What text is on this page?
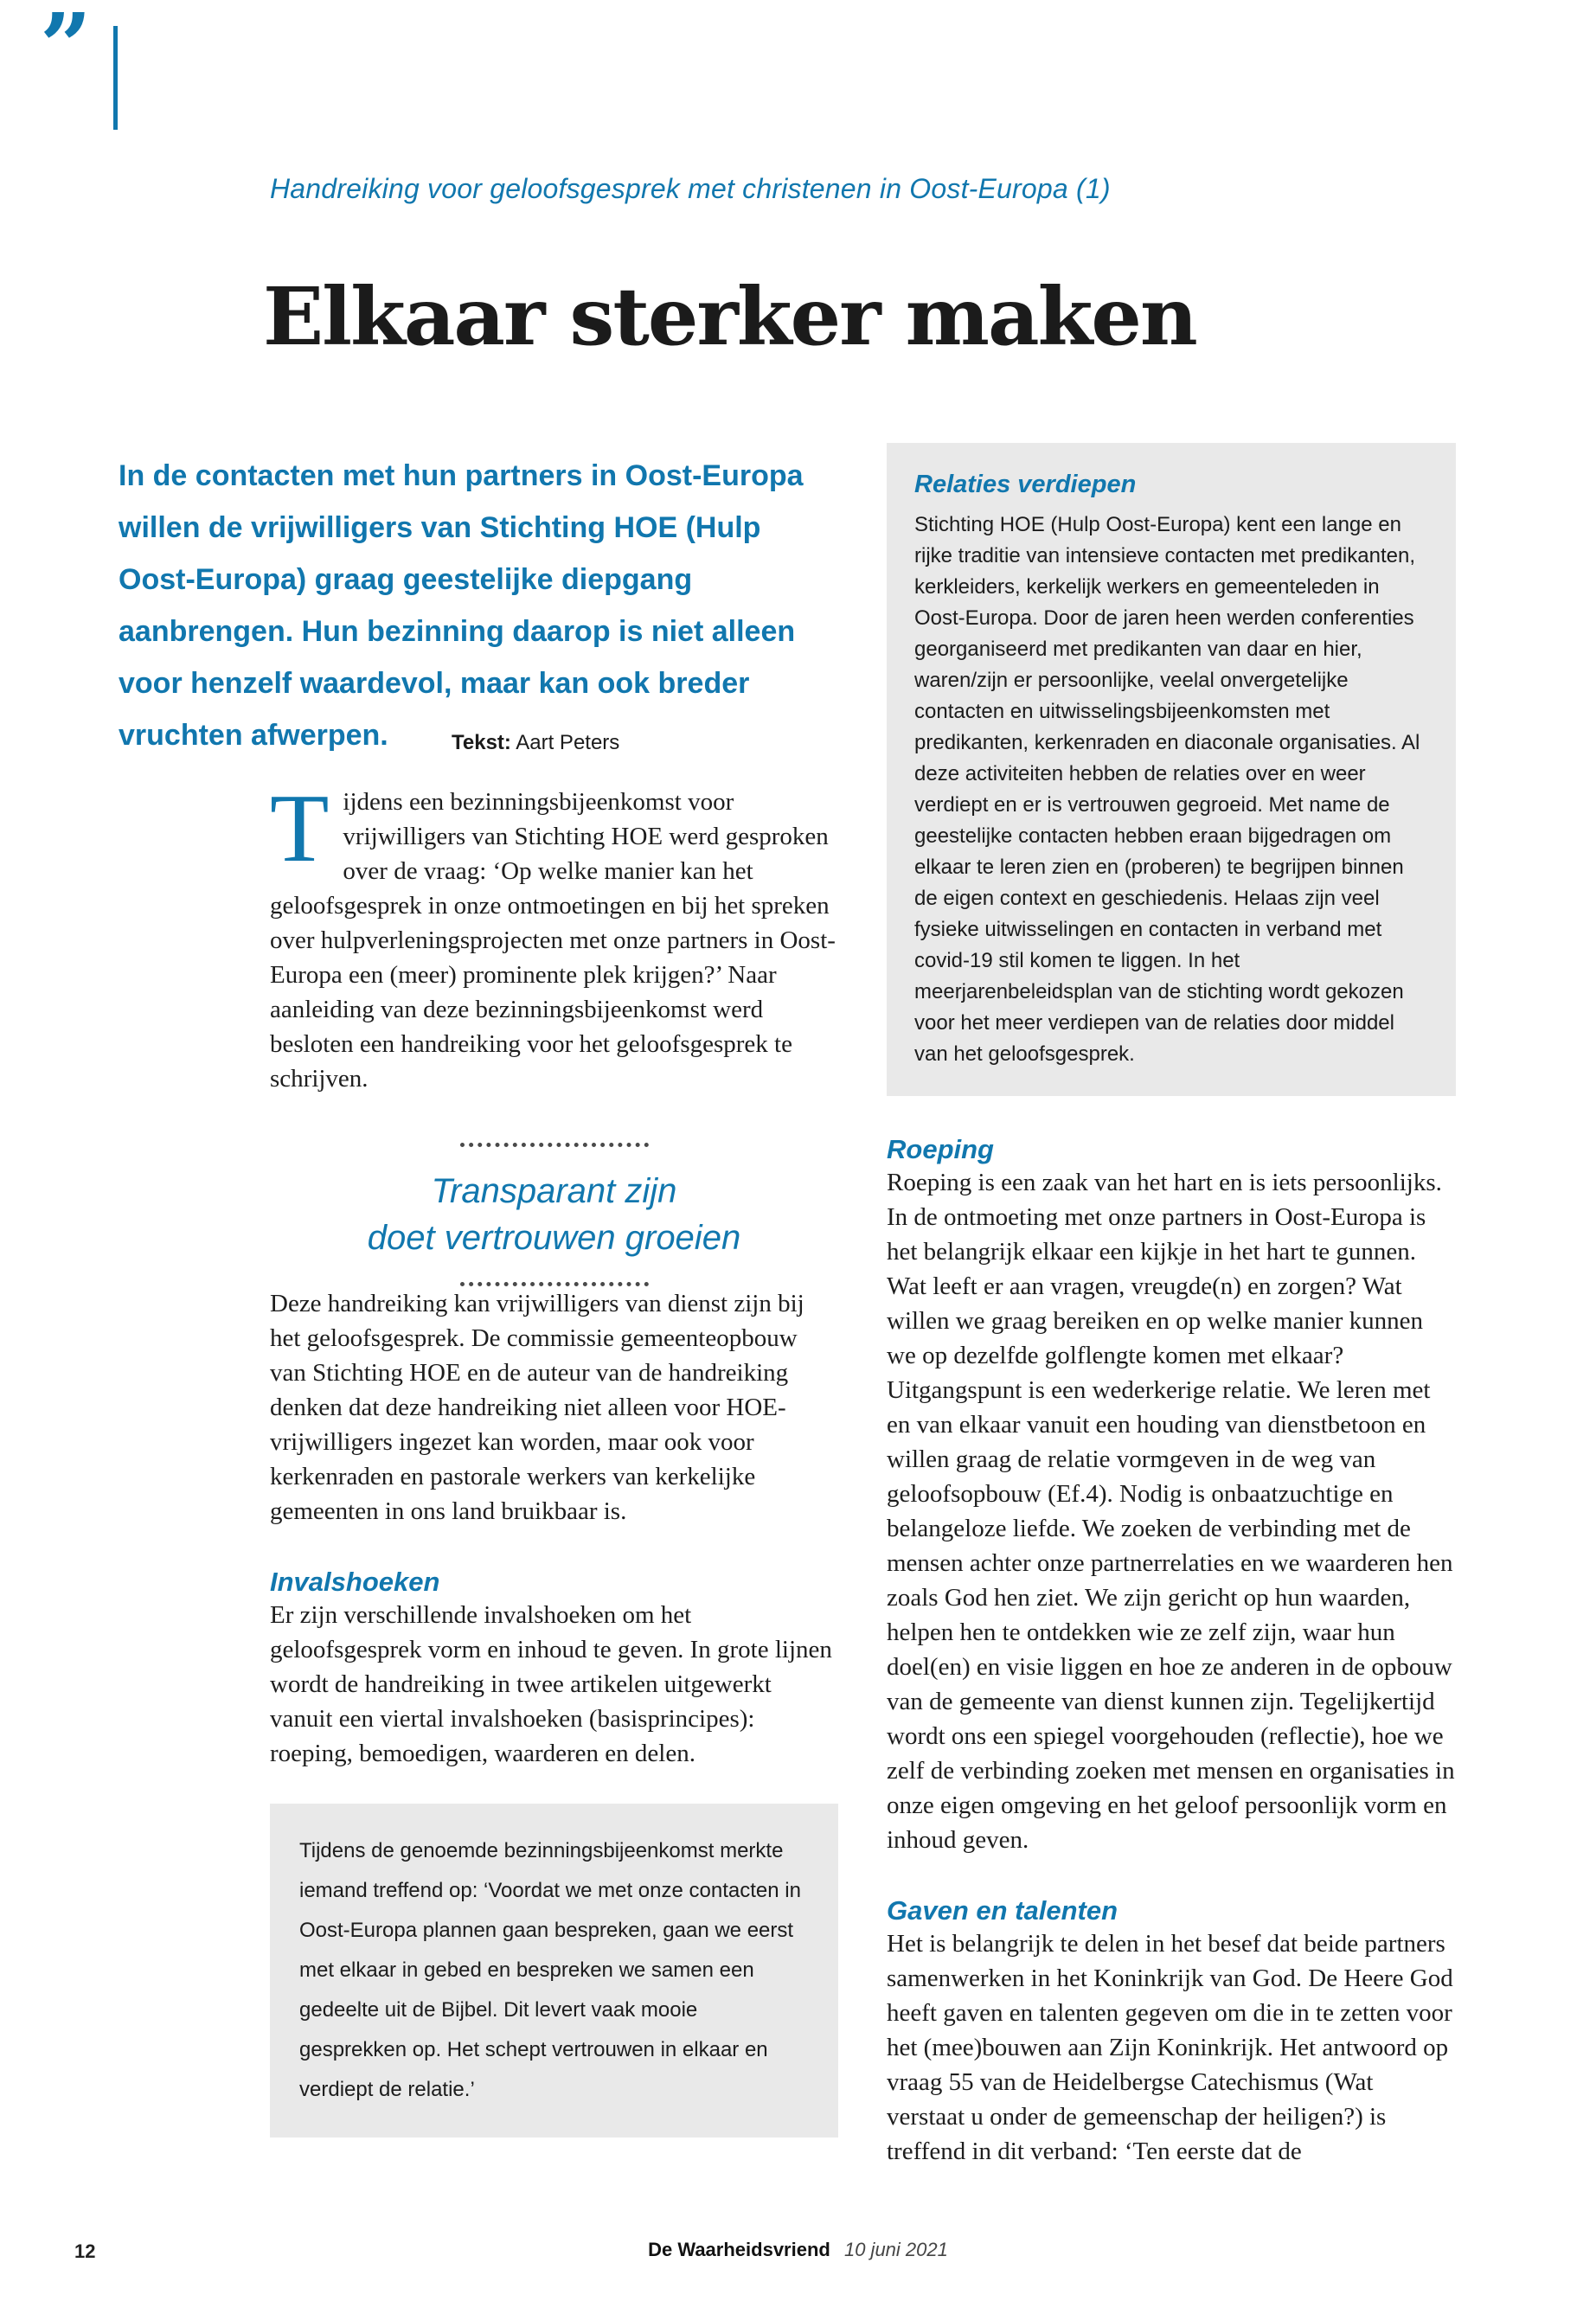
”
Handreiking voor geloofsgesprek met christenen in Oost-Europa (1)
Elkaar sterker maken
In de contacten met hun partners in Oost-Europa willen de vrijwilligers van Stichting HOE (Hulp Oost-Europa) graag geestelijke diepgang aanbrengen. Hun bezinning daarop is niet alleen voor henzelf waardevol, maar kan ook breder vruchten afwerpen.	Tekst: Aart Peters
Tijdens een bezinningsbijeenkomst voor vrijwilligers van Stichting HOE werd gesproken over de vraag: ‘Op welke manier kan het geloofsgesprek in onze ontmoetingen en bij het spreken over hulpverleningsprojecten met onze partners in Oost-Europa een (meer) prominente plek krijgen?’ Naar aanleiding van deze bezinningsbijeenkomst werd besloten een handreiking voor het geloofsgesprek te schrijven.
Transparant zijn
doet vertrouwen groeien

Deze handreiking kan vrijwilligers van dienst zijn bij het geloofsgesprek. De commissie gemeenteopbouw van Stichting HOE en de auteur van de handreiking denken dat deze handreiking niet alleen voor HOE-vrijwilligers ingezet kan worden, maar ook voor kerkenraden en pastorale werkers van kerkelijke gemeenten in ons land bruikbaar is.

Invalshoeken

Er zijn verschillende invalshoeken om het geloofsgesprek vorm en inhoud te geven. In grote lijnen wordt de handreiking in twee artikelen uitgewerkt vanuit een viertal invalshoeken (basisprincipes): roeping, bemoedigen, waarderen en delen.

Tijdens de genoemde bezinningsbijeenkomst merkte iemand treffend op: ‘Voordat we met onze contacten in Oost-Europa plannen gaan bespreken, gaan we eerst met elkaar in gebed en bespreken we samen een gedeelte uit de Bijbel. Dit levert vaak mooie gesprekken op. Het schept vertrouwen in elkaar en verdiept de relatie.’
Relaties verdiepen
Stichting HOE (Hulp Oost-Europa) kent een lange en rijke traditie van intensieve contacten met predikanten, kerkleiders, kerkelijk werkers en gemeenteleden in Oost-Europa. Door de jaren heen werden conferenties georganiseerd met predikanten van daar en hier, waren/zijn er persoonlijke, veelal onvergetelijke contacten en uitwisselingsbijeenkomsten met predikanten, kerkenraden en diaconale organisaties. Al deze activiteiten hebben de relaties over en weer verdiept en er is vertrouwen gegroeid. Met name de geestelijke contacten hebben eraan bijgedragen om elkaar te leren zien en (proberen) te begrijpen binnen de eigen context en geschiedenis. Helaas zijn veel fysieke uitwisselingen en contacten in verband met covid-19 stil komen te liggen. In het meerjarenbeleidsplan van de stichting wordt gekozen voor het meer verdiepen van de relaties door middel van het geloofsgesprek.
Roeping

Roeping is een zaak van het hart en is iets persoonlijks. In de ontmoeting met onze partners in Oost-Europa is het belangrijk elkaar een kijkje in het hart te gunnen. Wat leeft er aan vragen, vreugde(n) en zorgen? Wat willen we graag bereiken en op welke manier kunnen we op dezelfde golflengte komen met elkaar?

Uitgangspunt is een wederkerige relatie. We leren met en van elkaar vanuit een houding van dienstbetoon en willen graag de relatie vormgeven in de weg van geloofsopbouw (Ef.4). Nodig is onbaatzuchtige en belangeloze liefde. We zoeken de verbinding met de mensen achter onze partnerrelaties en we waarderen hen zoals God hen ziet. We zijn gericht op hun waarden, helpen hen te ontdekken wie ze zelf zijn, waar hun doel(en) en visie liggen en hoe ze anderen in de opbouw van de gemeente van dienst kunnen zijn. Tegelijkertijd wordt ons een spiegel voorgehouden (reflectie), hoe we zelf de verbinding zoeken met mensen en organisaties in onze eigen omgeving en het geloof persoonlijk vorm en inhoud geven.

Gaven en talenten

Het is belangrijk te delen in het besef dat beide partners samenwerken in het Koninkrijk van God. De Heere God heeft gaven en talenten gegeven om die in te zetten voor het (mee)bouwen aan Zijn Koninkrijk. Het antwoord op vraag 55 van de Heidelbergse Catechismus (Wat verstaat u onder de gemeenschap der heiligen?) is treffend in dit verband: ‘Ten eerste dat de

12	De Waarheidsvriend 10 juni 2021
